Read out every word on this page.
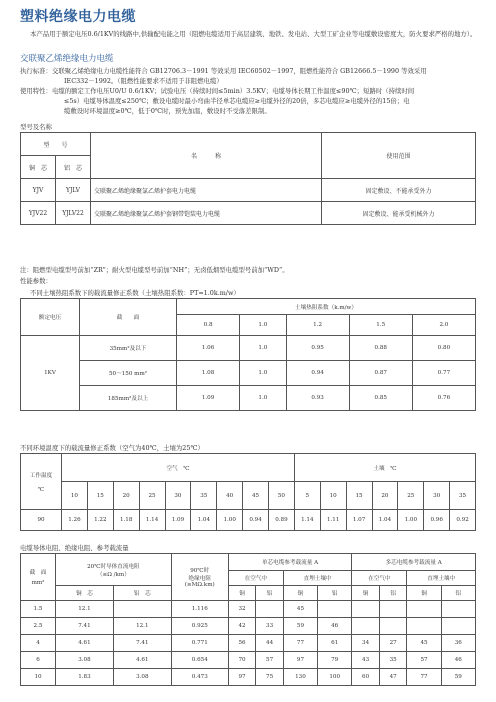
塑料绝缘电力电缆
本产品用于额定电压0.6/1KV的线路中,供输配电能之用（阻燃电缆适用于高层建筑、地铁、发电站、大型工矿企业等电缆敷设密度大，防火要求严格的地方）。
交联聚乙烯绝缘电力电缆
执行标准：交联聚乙烯绝缘电力电缆性能符合 GB12706.3－1991 等效采用 IEC60502－1997，阻燃性能符合 GB12666.5－1990 等效采用
IEC332－1992。（阻燃性能要求不适用于非阻燃电缆）
使用特性：电缆的额定工作电压U0/U 0.6/1KV；试验电压（持续时间≤5min）3.5KV；电缆导体长期工作温度≤90℃；短路时（持续时间
≤5s）电缆导体温度≤250℃；敷设电缆时最小弯曲半径单芯电缆应≥电缆外径的20倍，多芯电缆应≥电缆外径的15倍；电
缆敷设时环境温度≥0℃，低于0℃时，预先加温，敷设时不受落差限制。
型号及名称
型　　号		名　　　称	使用范围
铜　芯	铝　芯		
YJV	YJLV	交联聚乙烯绝缘聚氯乙烯护套电力电缆	固定敷设、不能承受外力
YJV22	YJLV22	交联聚乙烯绝缘聚氯乙烯护套钢带铠装电力电缆	固定敷设、能承受机械外力
注：阻燃型电缆型号前加“ZR”；耐火型电缆型号前加“NH”；无卤低烟型电缆型号前加“WD”。
性能参数：
不同土壤热阻系数下的载流量修正系数（土壤热阻系数：PT=1.0k.m/w）
额定电压	截　　面	土壤热阻系数（k.m/w）				
		0.8	1.0	1.2	1.5	2.0
1KV	35mm²及以下	1.06	1.0	0.95	0.88	0.80
	50～150 mm²	1.08	1.0	0.94	0.87	0.77
	185mm²及以上	1.09	1.0	0.93	0.85	0.76
不同环境温度下的载流量修正系数（空气为40℃，土壤为25℃）
工作温度
℃	空气　℃									土壤　℃						
	10	15	20	25	30	35	40	45	50	5	10	15	20	25	30	35
90	1.26	1.22	1.18	1.14	1.09	1.04	1.00	0.94	0.89	1.14	1.11	1.07	1.04	1.00	0.96	0.92
电缆导体电阻、绝缘电阻、参考载流量
截　面
mm²	20℃时导体直流电阻
（≤Ω /km）		90℃时
绝缘电阻
(≥MΩ.km)	单芯电缆参考载流量 A				多芯电缆参考载流量 A			
				在空气中		直埋土壤中		在空气中		直埋土壤中	
	铜　芯	铝　芯		铜	铝	铜	铝	铜	铝	铜	铝
1.5	12.1		1.116	32		45					
2.5	7.41	12.1	0.925	42	33	59	46				
4	4.61	7.41	0.771	56	44	77	61	34	27	45	36
6	3.08	4.61	0.654	70	57	97	79	43	35	57	46
10	1.83	3.08	0.473	97	75	130	100	60	47	77	59
